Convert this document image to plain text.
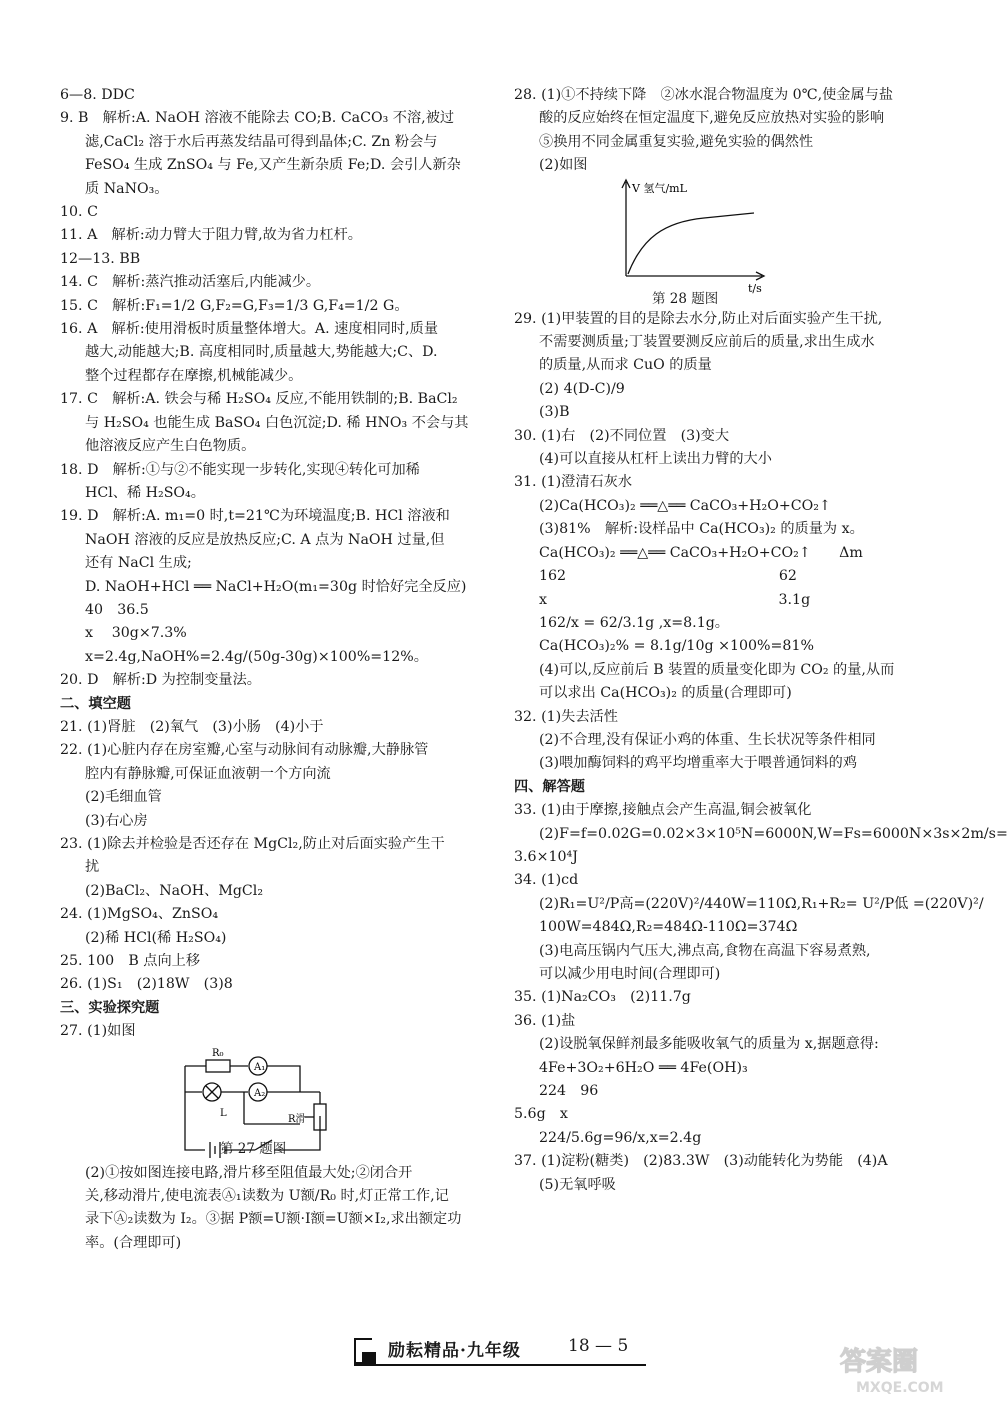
6—8. DDC
9. B　解析:A. NaOH 溶液不能除去 CO;B. CaCO₃ 不溶,被过
滤,CaCl₂ 溶于水后再蒸发结晶可得到晶体;C. Zn 粉会与
FeSO₄ 生成 ZnSO₄ 与 Fe,又产生新杂质 Fe;D. 会引人新杂
质 NaNO₃。
10. C
11. A　解析:动力臂大于阻力臂,故为省力杠杆。
12—13. BB
14. C　解析:蒸汽推动活塞后,内能减少。
15. C　解析:F₁=1/2 G,F₂=G,F₃=1/3 G,F₄=1/2 G。
16. A　解析:使用滑板时质量整体增大。A. 速度相同时,质量
越大,动能越大;B. 高度相同时,质量越大,势能越大;C、D.
整个过程都存在摩擦,机械能减少。
17. C　解析:A. 铁会与稀 H₂SO₄ 反应,不能用铁制的;B. BaCl₂
与 H₂SO₄ 也能生成 BaSO₄ 白色沉淀;D. 稀 HNO₃ 不会与其
他溶液反应产生白色物质。
18. D　解析:①与②不能实现一步转化,实现④转化可加稀
HCl、稀 H₂SO₄。
19. D　解析:A. m₁=0 时,t=21℃为环境温度;B. HCl 溶液和
NaOH 溶液的反应是放热反应;C. A 点为 NaOH 过量,但
还有 NaCl 生成;
D. NaOH+HCl ══ NaCl+H₂O(m₁=30g 时恰好完全反应)
40　36.5
x　 30g×7.3%
x=2.4g,NaOH%=2.4g/(50g-30g)×100%=12%。
20. D　解析:D 为控制变量法。
二、填空题
21. (1)肾脏　(2)氧气　(3)小肠　(4)小于
22. (1)心脏内存在房室瓣,心室与动脉间有动脉瓣,大静脉管
腔内有静脉瓣,可保证血液朝一个方向流
(2)毛细血管
(3)右心房
23. (1)除去并检验是否还存在 MgCl₂,防止对后面实验产生干
扰
(2)BaCl₂、NaOH、MgCl₂
24. (1)MgSO₄、ZnSO₄
(2)稀 HCl(稀 H₂SO₄)
25. 100　B 点向上移
26. (1)S₁　(2)18W　(3)8
三、实验探究题
27. (1)如图
R₀
A₁
A₂
L
R滑
第 27 题图
(2)①按如图连接电路,滑片移至阻值最大处;②闭合开
关,移动滑片,使电流表Ⓐ₁读数为 U额/R₀ 时,灯正常工作,记
录下Ⓐ₂读数为 I₂。③据 P额=U额·I额=U额×I₂,求出额定功
率。(合理即可)
28. (1)①不持续下降　②冰水混合物温度为 0℃,使金属与盐
酸的反应始终在恒定温度下,避免反应放热对实验的影响
⑤换用不同金属重复实验,避免实验的偶然性
(2)如图
V 氢气/mL
t/s
第 28 题图
29. (1)甲装置的目的是除去水分,防止对后面实验产生干扰,
不需要测质量;丁装置要测反应前后的质量,求出生成水
的质量,从而求 CuO 的质量
(2) 4(D-C)/9
(3)B
30. (1)右　(2)不同位置　(3)变大
(4)可以直接从杠杆上读出力臂的大小
31. (1)澄清石灰水
(2)Ca(HCO₃)₂ ══△══ CaCO₃+H₂O+CO₂↑
(3)81%　解析:设样品中 Ca(HCO₃)₂ 的质量为 x。
Ca(HCO₃)₂ ══△══ CaCO₃+H₂O+CO₂↑　　Δm
162　　　　　　　　　　　　　　　62
x　　　　　　　　　　　　　　　　 3.1g
162/x = 62/3.1g ,x=8.1g。
Ca(HCO₃)₂% = 8.1g/10g ×100%=81%
(4)可以,反应前后 B 装置的质量变化即为 CO₂ 的量,从而
可以求出 Ca(HCO₃)₂ 的质量(合理即可)
32. (1)失去活性
(2)不合理,没有保证小鸡的体重、生长状况等条件相同
(3)喂加酶饲料的鸡平均增重率大于喂普通饲料的鸡
四、解答题
33. (1)由于摩擦,接触点会产生高温,铜会被氧化
(2)F=f=0.02G=0.02×3×10⁵N=6000N,W=Fs=6000N×3s×2m/s=
3.6×10⁴J
34. (1)cd
(2)R₁=U²/P高=(220V)²/440W=110Ω,R₁+R₂= U²/P低 =(220V)²/
100W=484Ω,R₂=484Ω-110Ω=374Ω
(3)电高压锅内气压大,沸点高,食物在高温下容易煮熟,
可以减少用电时间(合理即可)
35. (1)Na₂CO₃　(2)11.7g
36. (1)盐
(2)设脱氧保鲜剂最多能吸收氧气的质量为 x,据题意得:
4Fe+3O₂+6H₂O ══ 4Fe(OH)₃
224　96
5.6g　x
224/5.6g=96/x,x=2.4g
37. (1)淀粉(糖类)　(2)83.3W　(3)动能转化为势能　(4)A
(5)无氧呼吸
励耘精品·九年级	18 — 5
答案圈
MXQE.COM
